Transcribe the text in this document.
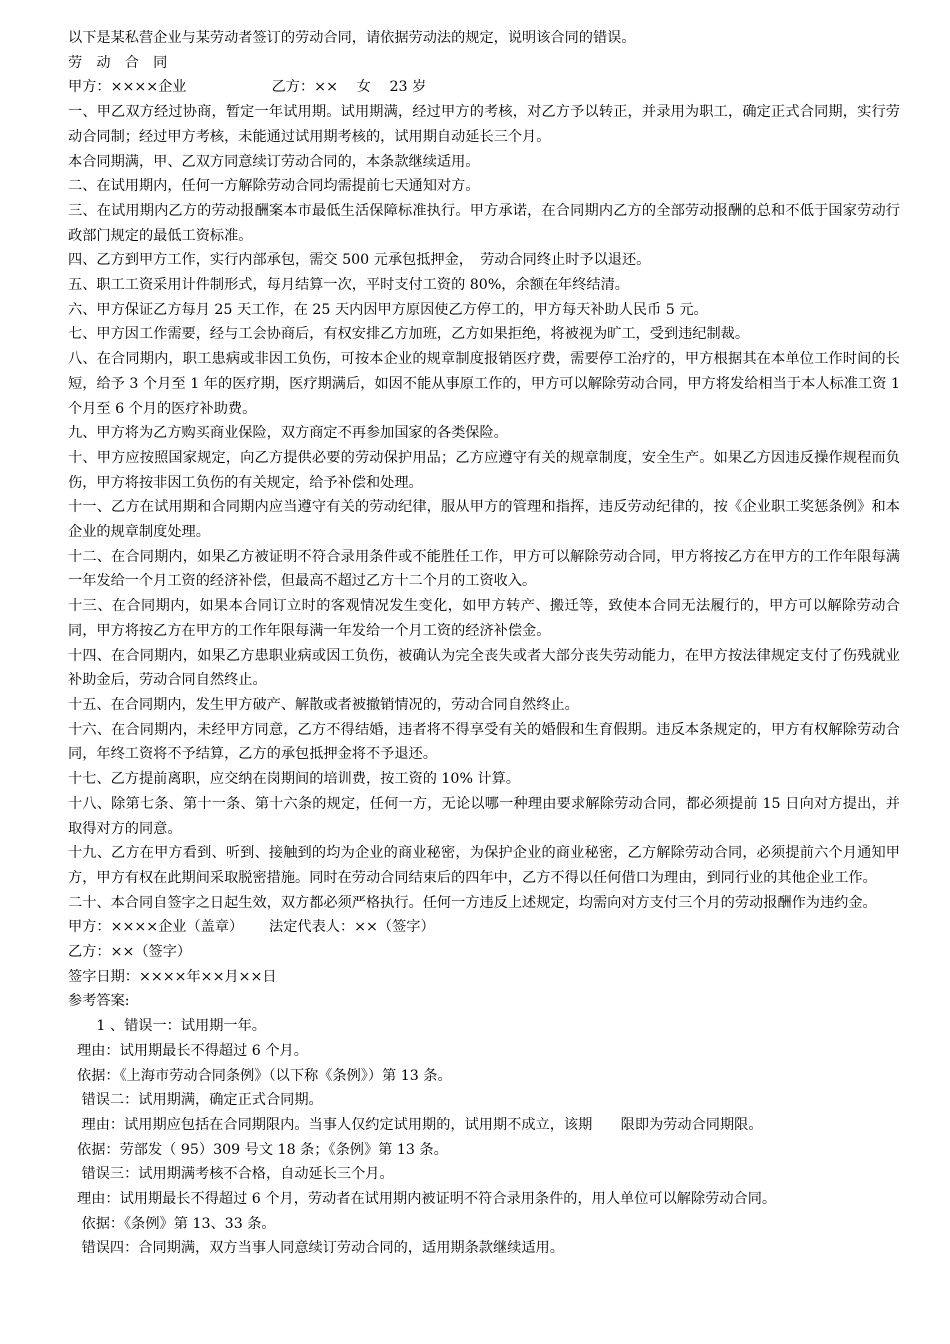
以下是某私营企业与某劳动者签订的劳动合同，请依据劳动法的规定，说明该合同的错误。

劳　动　合　同

甲方：××××企业　　　　　　乙方：××　 女　 23 岁

一、甲乙双方经过协商，暂定一年试用期。试用期满，经过甲方的考核，对乙方予以转正，并录用为职工，确定正式合同期，实行劳动合同制；经过甲方考核，未能通过试用期考核的，试用期自动延长三个月。

本合同期满，甲、乙双方同意续订劳动合同的，本条款继续适用。

二、在试用期内，任何一方解除劳动合同均需提前七天通知对方。

三、在试用期内乙方的劳动报酬案本市最低生活保障标准执行。甲方承诺，在合同期内乙方的全部劳动报酬的总和不低于国家劳动行政部门规定的最低工资标准。

四、乙方到甲方工作，实行内部承包，需交 500 元承包抵押金，　劳动合同终止时予以退还。

五、职工工资采用计件制形式，每月结算一次，平时支付工资的 80%，余额在年终结清。

六、甲方保证乙方每月 25 天工作，在 25 天内因甲方原因使乙方停工的，甲方每天补助人民币 5 元。

七、甲方因工作需要，经与工会协商后，有权安排乙方加班，乙方如果拒绝，将被视为旷工，受到违纪制裁。

八、在合同期内，职工患病或非因工负伤，可按本企业的规章制度报销医疗费，需要停工治疗的，甲方根据其在本单位工作时间的长短，给予 3 个月至 1 年的医疗期，医疗期满后，如因不能从事原工作的，甲方可以解除劳动合同，甲方将发给相当于本人标准工资 1 个月至 6 个月的医疗补助费。

九、甲方将为乙方购买商业保险，双方商定不再参加国家的各类保险。

十、甲方应按照国家规定，向乙方提供必要的劳动保护用品；乙方应遵守有关的规章制度，安全生产。如果乙方因违反操作规程而负伤，甲方将按非因工负伤的有关规定，给予补偿和处理。

十一、乙方在试用期和合同期内应当遵守有关的劳动纪律，服从甲方的管理和指挥，违反劳动纪律的，按《企业职工奖惩条例》和本企业的规章制度处理。

十二、在合同期内，如果乙方被证明不符合录用条件或不能胜任工作，甲方可以解除劳动合同，甲方将按乙方在甲方的工作年限每满一年发给一个月工资的经济补偿，但最高不超过乙方十二个月的工资收入。

十三、在合同期内，如果本合同订立时的客观情况发生变化，如甲方转产、搬迁等，致使本合同无法履行的，甲方可以解除劳动合同，甲方将按乙方在甲方的工作年限每满一年发给一个月工资的经济补偿金。

十四、在合同期内，如果乙方患职业病或因工负伤，被确认为完全丧失或者大部分丧失劳动能力，在甲方按法律规定支付了伤残就业补助金后，劳动合同自然终止。

十五、在合同期内，发生甲方破产、解散或者被撤销情况的，劳动合同自然终止。

十六、在合同期内，未经甲方同意，乙方不得结婚，违者将不得享受有关的婚假和生育假期。违反本条规定的，甲方有权解除劳动合同，年终工资将不予结算，乙方的承包抵押金将不予退还。

十七、乙方提前离职，应交纳在岗期间的培训费，按工资的 10% 计算。

十八、除第七条、第十一条、第十六条的规定，任何一方，无论以哪一种理由要求解除劳动合同，都必须提前 15 日向对方提出，并取得对方的同意。

十九、乙方在甲方看到、听到、接触到的均为企业的商业秘密，为保护企业的商业秘密，乙方解除劳动合同，必须提前六个月通知甲方，甲方有权在此期间采取脱密措施。同时在劳动合同结束后的四年中，乙方不得以任何借口为理由，到同行业的其他企业工作。

二十、本合同自签字之日起生效，双方都必须严格执行。任何一方违反上述规定，均需向对方支付三个月的劳动报酬作为违约金。

甲方：××××企业（盖章）　　 法定代表人：××（签字）

乙方：××（签字）

签字日期：××××年××月××日

参考答案:

　　1 、错误一：试用期一年。

理由：试用期最长不得超过 6 个月。

依据：《上海市劳动合同条例》（以下称《条例》）第 13 条。

错误二：试用期满，确定正式合同期。

理由：试用期应包括在合同期限内。当事人仅约定试用期的，试用期不成立，该期　　限即为劳动合同期限。

依据：劳部发（ 95）309 号文 18 条；《条例》第 13 条。

错误三：试用期满考核不合格，自动延长三个月。

理由：试用期最长不得超过 6 个月，劳动者在试用期内被证明不符合录用条件的，用人单位可以解除劳动合同。

依据：《条例》第 13、33 条。

错误四：合同期满，双方当事人同意续订劳动合同的，适用期条款继续适用。
